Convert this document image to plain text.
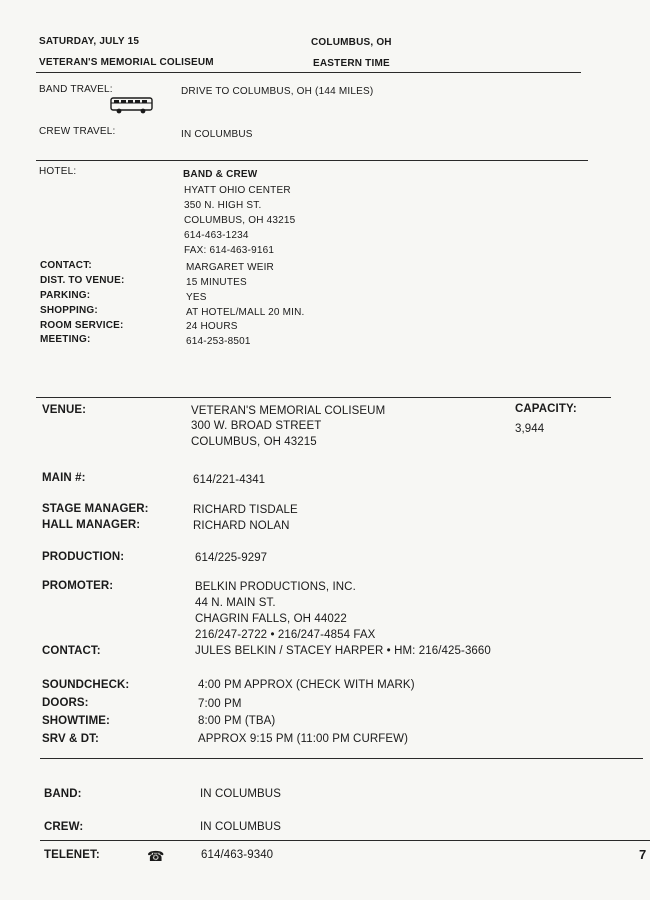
SATURDAY, JULY 15	COLUMBUS, OH
VETERAN'S MEMORIAL COLISEUM	EASTERN TIME
BAND TRAVEL:	DRIVE TO COLUMBUS, OH (144 MILES)
CREW TRAVEL:	IN COLUMBUS
HOTEL:	BAND & CREW
HYATT OHIO CENTER
350 N. HIGH ST.
COLUMBUS, OH 43215
614-463-1234
FAX: 614-463-9161
CONTACT:	MARGARET WEIR
DIST. TO VENUE:	15 MINUTES
PARKING:	YES
SHOPPING:	AT HOTEL/MALL 20 MIN.
ROOM SERVICE:	24 HOURS
MEETING:	614-253-8501
VENUE:	VETERAN'S MEMORIAL COLISEUM
300 W. BROAD STREET
COLUMBUS, OH 43215
CAPACITY:
3,944
MAIN #:	614/221-4341
STAGE MANAGER:	RICHARD TISDALE
HALL MANAGER:	RICHARD NOLAN
PRODUCTION:	614/225-9297
PROMOTER:	BELKIN PRODUCTIONS, INC.
44 N. MAIN ST.
CHAGRIN FALLS, OH 44022
216/247-2722 • 216/247-4854 FAX
CONTACT:	JULES BELKIN / STACEY HARPER • HM: 216/425-3660
SOUNDCHECK:	4:00 PM APPROX (CHECK WITH MARK)
DOORS:	7:00 PM
SHOWTIME:	8:00 PM (TBA)
SRV & DT:	APPROX 9:15 PM (11:00 PM CURFEW)
BAND:	IN COLUMBUS
CREW:	IN COLUMBUS
TELENET:	☎	614/463-9340	7
